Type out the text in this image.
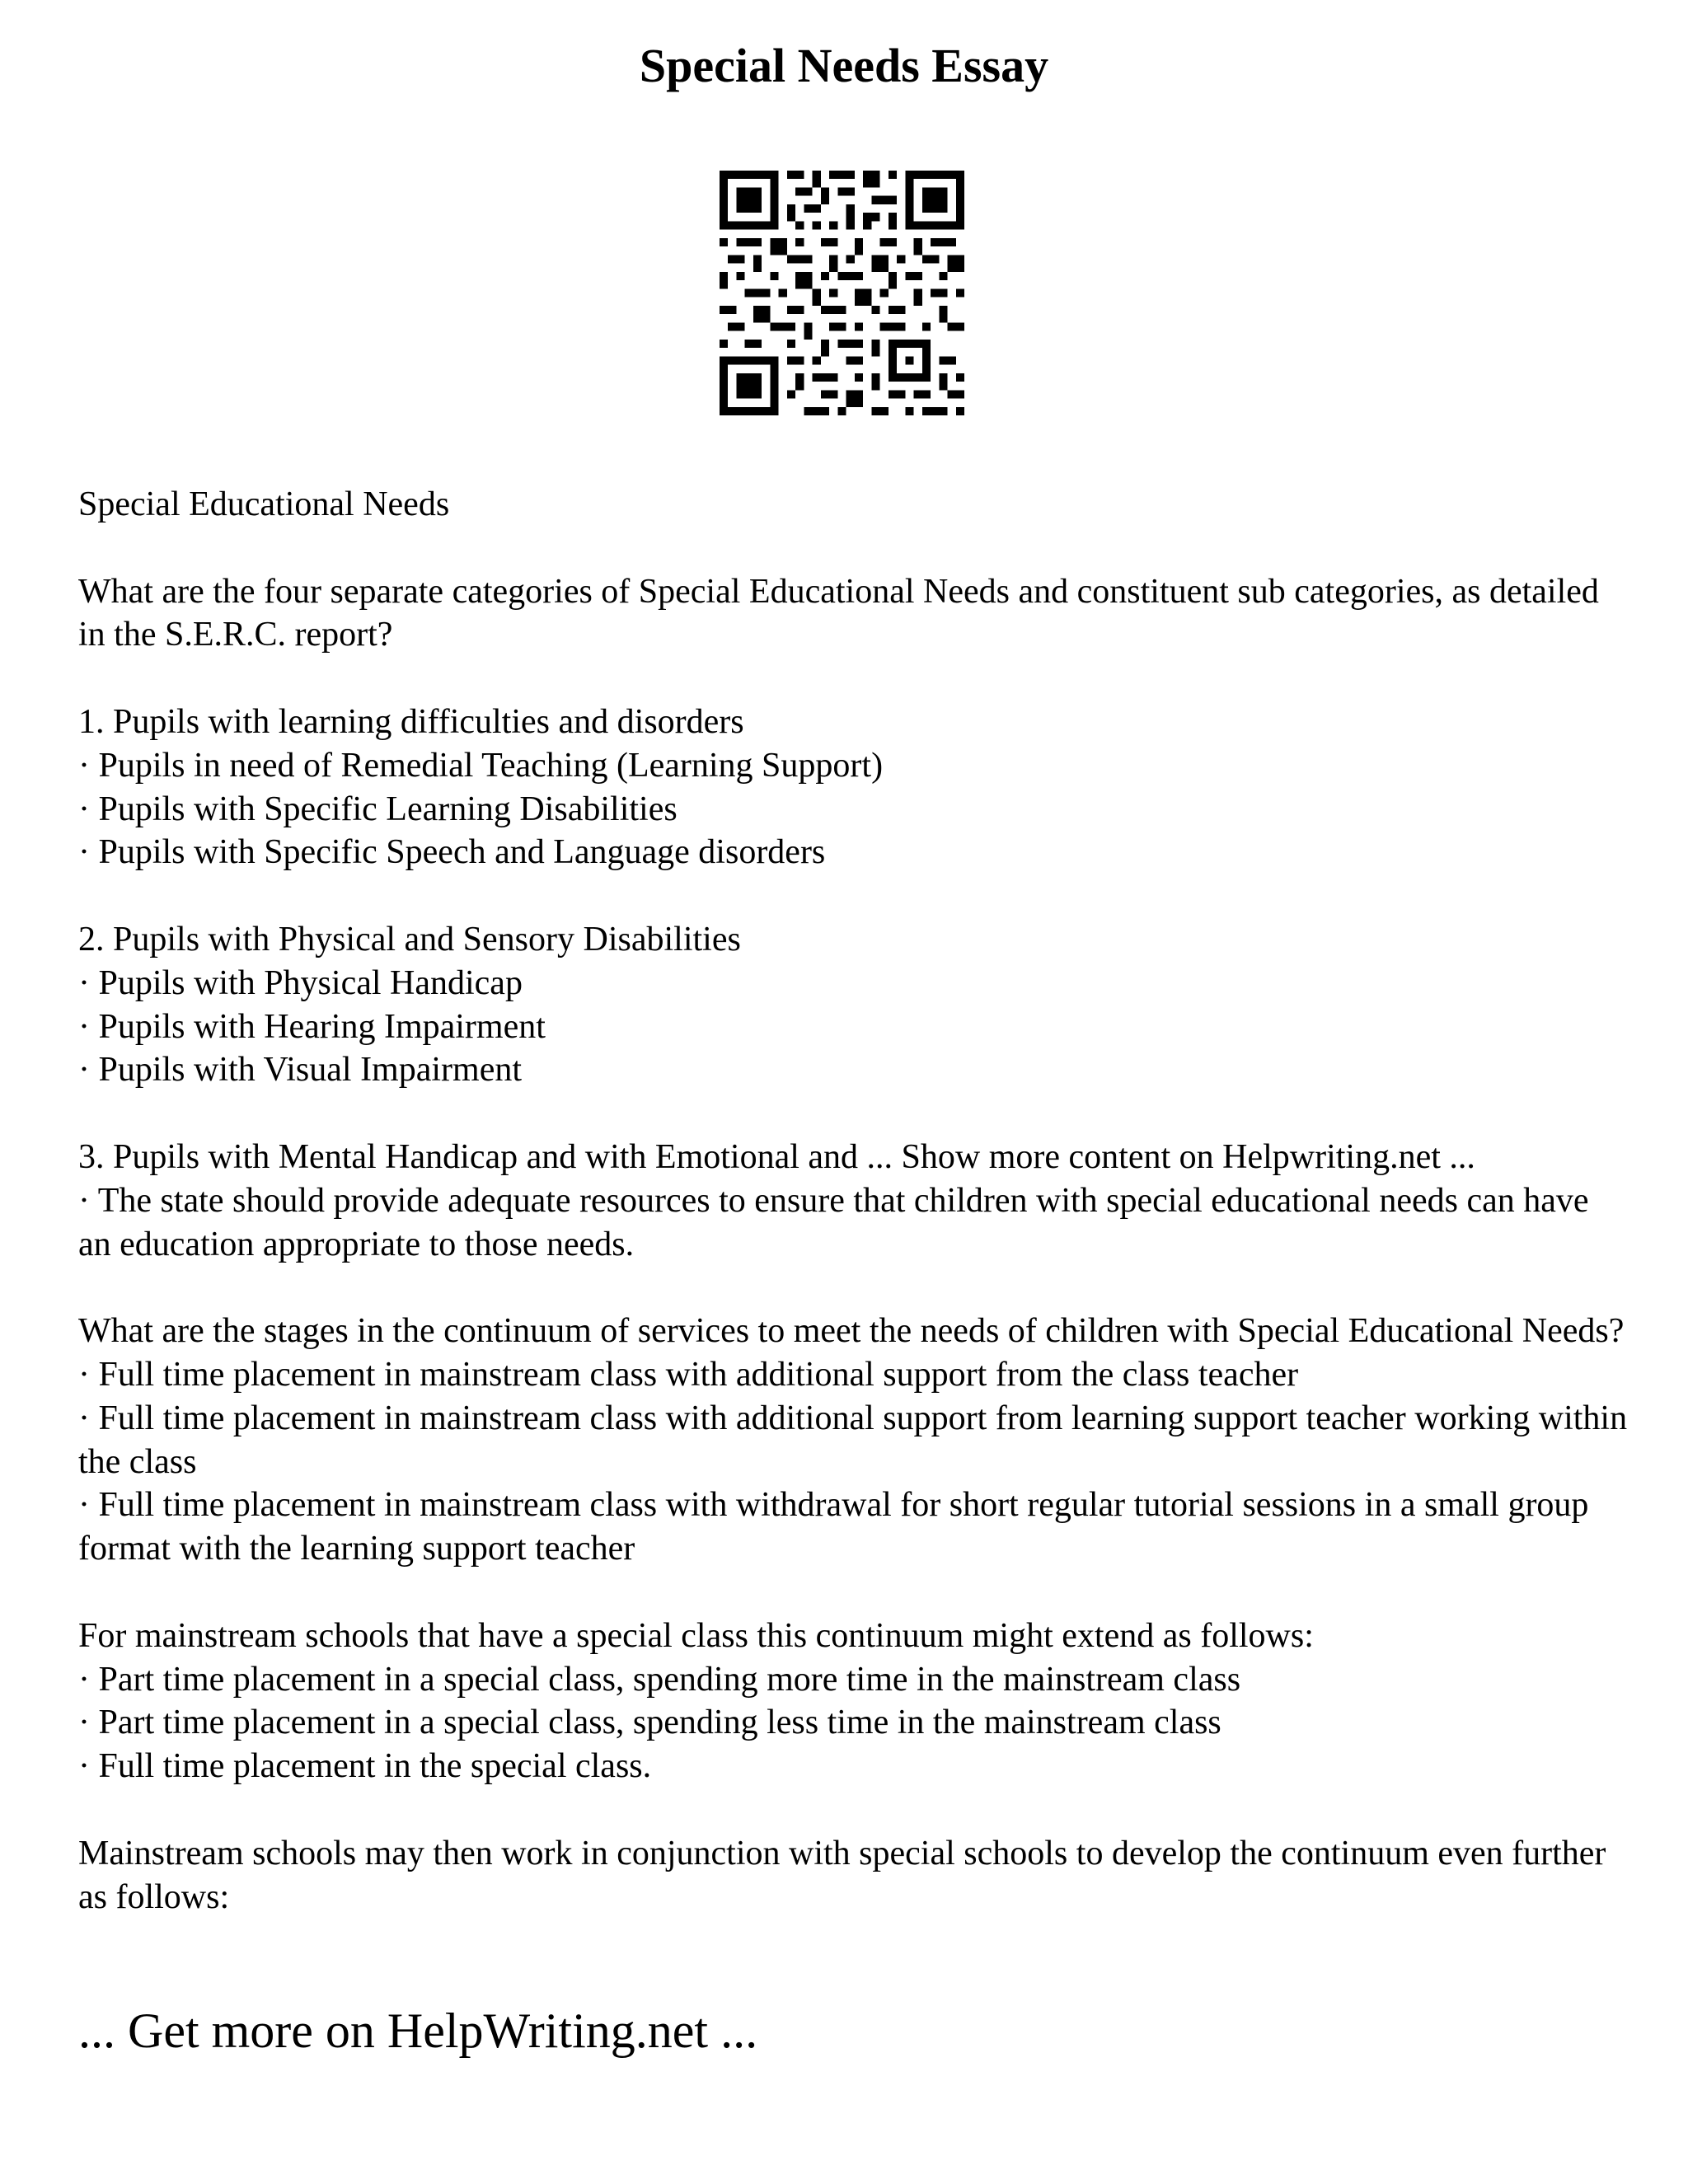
Special Needs Essay

Special Educational Needs

What are the four separate categories of Special Educational Needs and constituent sub categories, as detailed in the S.E.R.C. report?

1. Pupils with learning difficulties and disorders
· Pupils in need of Remedial Teaching (Learning Support)
· Pupils with Specific Learning Disabilities
· Pupils with Specific Speech and Language disorders

2. Pupils with Physical and Sensory Disabilities
· Pupils with Physical Handicap
· Pupils with Hearing Impairment
· Pupils with Visual Impairment

3. Pupils with Mental Handicap and with Emotional and ... Show more content on Helpwriting.net ...
· The state should provide adequate resources to ensure that children with special educational needs can have an education appropriate to those needs.

What are the stages in the continuum of services to meet the needs of children with Special Educational Needs?
· Full time placement in mainstream class with additional support from the class teacher
· Full time placement in mainstream class with additional support from learning support teacher working within the class
· Full time placement in mainstream class with withdrawal for short regular tutorial sessions in a small group format with the learning support teacher

For mainstream schools that have a special class this continuum might extend as follows:
· Part time placement in a special class, spending more time in the mainstream class
· Part time placement in a special class, spending less time in the mainstream class
· Full time placement in the special class.

Mainstream schools may then work in conjunction with special schools to develop the continuum even further as follows:

... Get more on HelpWriting.net ...
